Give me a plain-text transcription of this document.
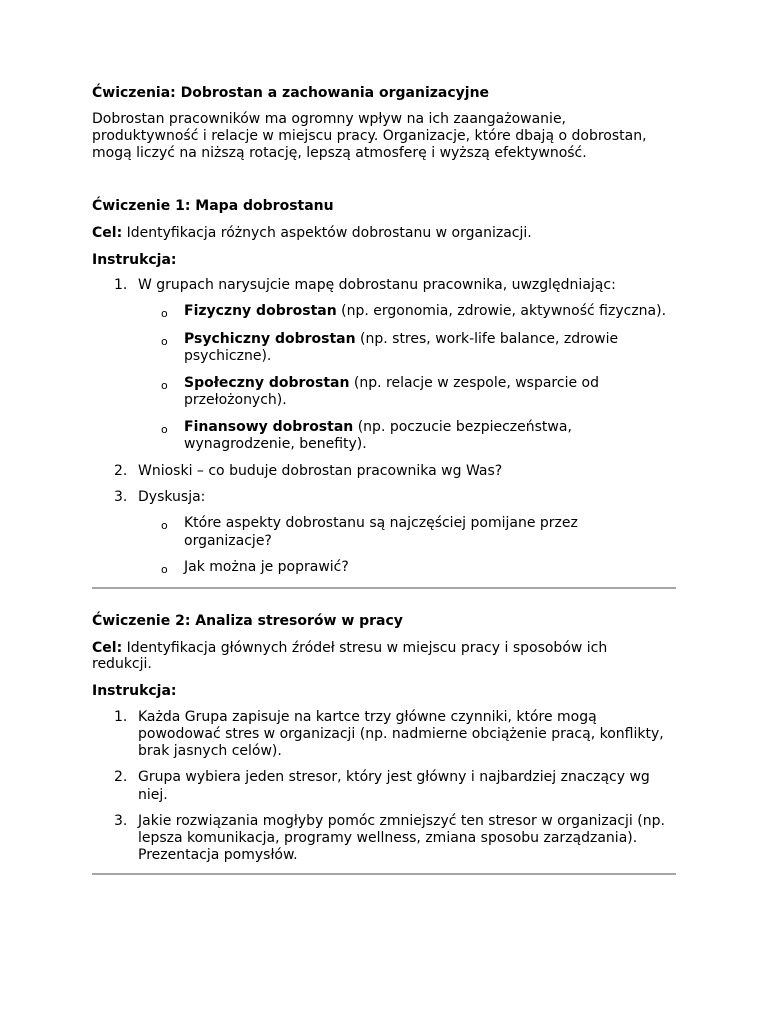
Ćwiczenia: Dobrostan a zachowania organizacyjne

Dobrostan pracowników ma ogromny wpływ na ich zaangażowanie,

produktywność i relacje w miejscu pracy. Organizacje, które dbają o dobrostan,

mogą liczyć na niższą rotację, lepszą atmosferę i wyższą efektywność.

Ćwiczenie 1: Mapa dobrostanu

Cel: Identyfikacja różnych aspektów dobrostanu w organizacji.

Instrukcja:

1. W grupach narysujcie mapę dobrostanu pracownika, uwzględniając:

o Fizyczny dobrostan (np. ergonomia, zdrowie, aktywność fizyczna).

o Psychiczny dobrostan (np. stres, work-life balance, zdrowie

psychiczne).

o Społeczny dobrostan (np. relacje w zespole, wsparcie od

przełożonych).

o Finansowy dobrostan (np. poczucie bezpieczeństwa,

wynagrodzenie, benefity).

2. Wnioski – co buduje dobrostan pracownika wg Was?

3. Dyskusja:

o Które aspekty dobrostanu są najczęściej pomijane przez

organizacje?

o Jak można je poprawić?

Ćwiczenie 2: Analiza stresorów w pracy

Cel: Identyfikacja głównych źródeł stresu w miejscu pracy i sposobów ich

redukcji.

Instrukcja:

1. Każda Grupa zapisuje na kartce trzy główne czynniki, które mogą

powodować stres w organizacji (np. nadmierne obciążenie pracą, konflikty,

brak jasnych celów).

2. Grupa wybiera jeden stresor, który jest główny i najbardziej znaczący wg

niej.

3. Jakie rozwiązania mogłyby pomóc zmniejszyć ten stresor w organizacji (np.

lepsza komunikacja, programy wellness, zmiana sposobu zarządzania).

Prezentacja pomysłów.
